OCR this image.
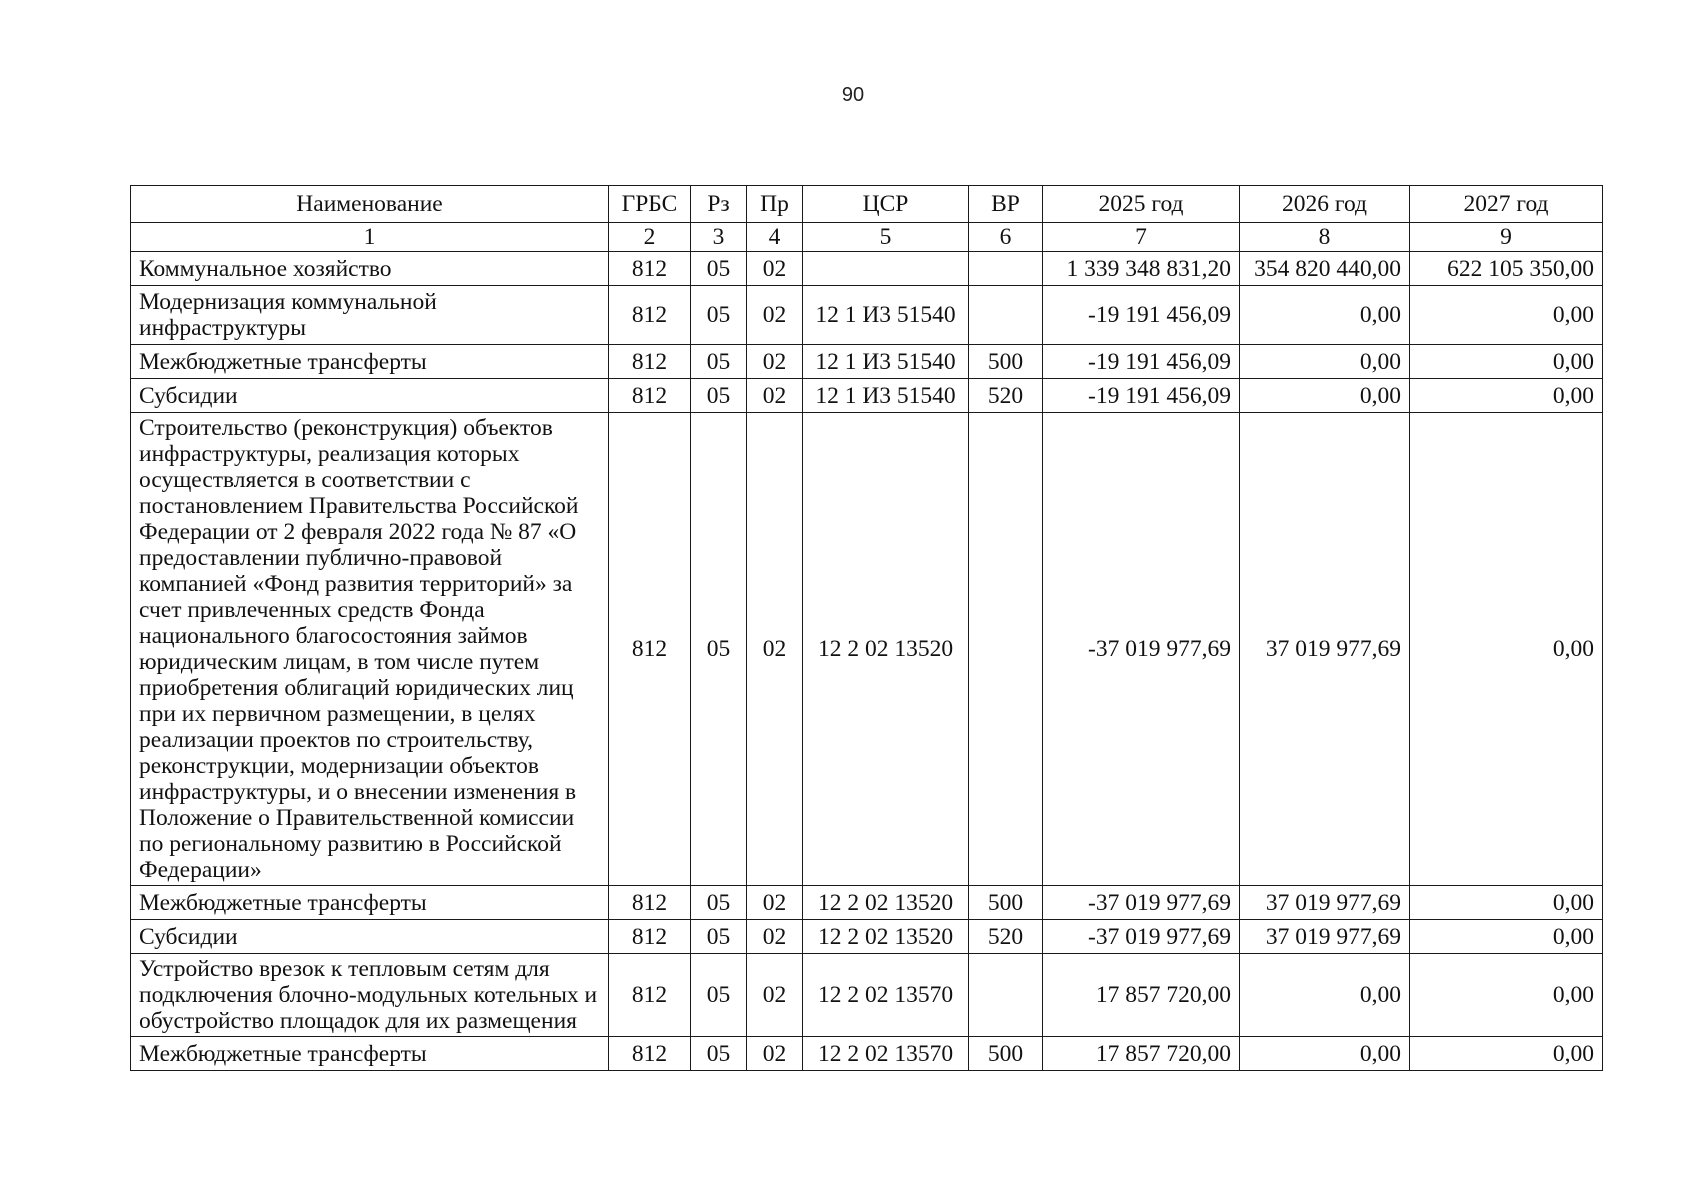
90
Наименование	ГРБС	Рз	Пр	ЦСР	ВР	2025 год	2026 год	2027 год
1	2	3	4	5	6	7	8	9
Коммунальное хозяйство	812	05	02			1 339 348 831,20	354 820 440,00	622 105 350,00
Модернизация коммунальной инфраструктуры	812	05	02	12 1 И3 51540		-19 191 456,09	0,00	0,00
Межбюджетные трансферты	812	05	02	12 1 И3 51540	500	-19 191 456,09	0,00	0,00
Субсидии	812	05	02	12 1 И3 51540	520	-19 191 456,09	0,00	0,00
Строительство (реконструкция) объектов инфраструктуры, реализация которых осуществляется в соответствии с постановлением Правительства Российской Федерации от 2 февраля 2022 года № 87 «О предоставлении публично-правовой компанией «Фонд развития территорий» за счет привлеченных средств Фонда национального благосостояния займов юридическим лицам, в том числе путем приобретения облигаций юридических лиц при их первичном размещении, в целях реализации проектов по строительству, реконструкции, модернизации объектов инфраструктуры, и о внесении изменения в Положение о Правительственной комиссии по региональному развитию в Российской Федерации»	812	05	02	12 2 02 13520		-37 019 977,69	37 019 977,69	0,00
Межбюджетные трансферты	812	05	02	12 2 02 13520	500	-37 019 977,69	37 019 977,69	0,00
Субсидии	812	05	02	12 2 02 13520	520	-37 019 977,69	37 019 977,69	0,00
Устройство врезок к тепловым сетям для подключения блочно-модульных котельных и обустройство площадок для их размещения	812	05	02	12 2 02 13570		17 857 720,00	0,00	0,00
Межбюджетные трансферты	812	05	02	12 2 02 13570	500	17 857 720,00	0,00	0,00
